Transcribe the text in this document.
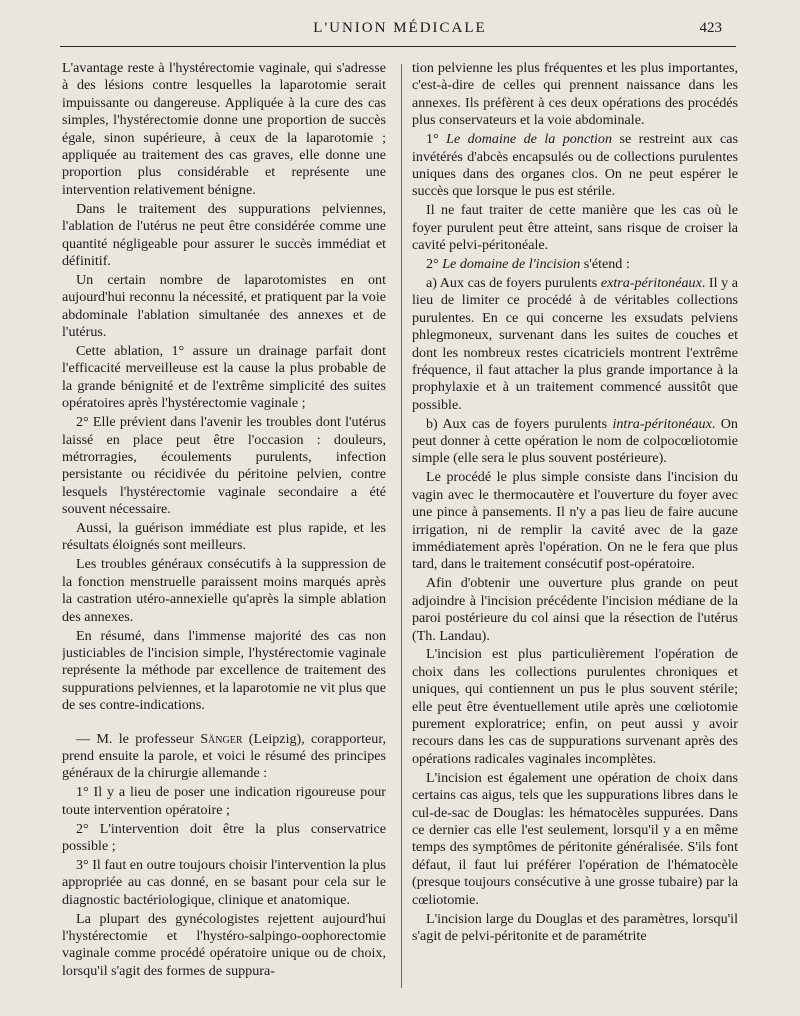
L'UNION MÉDICALE	423

L'avantage reste à l'hystérectomie vaginale, qui s'adresse à des lésions contre lesquelles la laparotomie serait impuissante ou dangereuse. Appliquée à la cure des cas simples, l'hystérectomie donne une proportion de succès égale, sinon supérieure, à ceux de la laparotomie ; appliquée au traitement des cas graves, elle donne une proportion plus considérable et représente une intervention relativement bénigne.

Dans le traitement des suppurations pelviennes, l'ablation de l'utérus ne peut être considérée comme une quantité négligeable pour assurer le succès immédiat et définitif.

Un certain nombre de laparotomistes en ont aujourd'hui reconnu la nécessité, et pratiquent par la voie abdominale l'ablation simultanée des annexes et de l'utérus.

Cette ablation, 1° assure un drainage parfait dont l'efficacité merveilleuse est la cause la plus probable de la grande bénignité et de l'extrême simplicité des suites opératoires après l'hystérectomie vaginale ;

2° Elle prévient dans l'avenir les troubles dont l'utérus laissé en place peut être l'occasion : douleurs, métrorragies, écoulements purulents, infection persistante ou récidivée du péritoine pelvien, contre lesquels l'hystérectomie vaginale secondaire a été souvent nécessaire.

Aussi, la guérison immédiate est plus rapide, et les résultats éloignés sont meilleurs.

Les troubles généraux consécutifs à la suppression de la fonction menstruelle paraissent moins marqués après la castration utéro-annexielle qu'après la simple ablation des annexes.

En résumé, dans l'immense majorité des cas non justiciables de l'incision simple, l'hystérectomie vaginale représente la méthode par excellence de traitement des suppurations pelviennes, et la laparotomie ne vit plus que de ses contre-indications.

— M. le professeur Sänger (Leipzig), corapporteur, prend ensuite la parole, et voici le résumé des principes généraux de la chirurgie allemande :

1° Il y a lieu de poser une indication rigoureuse pour toute intervention opératoire ;

2° L'intervention doit être la plus conservatrice possible ;

3° Il faut en outre toujours choisir l'intervention la plus appropriée au cas donné, en se basant pour cela sur le diagnostic bactériologique, clinique et anatomique.

La plupart des gynécologistes rejettent aujourd'hui l'hystérectomie et l'hystéro-salpingo-oophorectomie vaginale comme procédé opératoire unique ou de choix, lorsqu'il s'agit des formes de suppura-

tion pelvienne les plus fréquentes et les plus importantes, c'est-à-dire de celles qui prennent naissance dans les annexes. Ils préfèrent à ces deux opérations des procédés plus conservateurs et la voie abdominale.

1° Le domaine de la ponction se restreint aux cas invétérés d'abcès encapsulés ou de collections purulentes uniques dans des organes clos. On ne peut espérer le succès que lorsque le pus est stérile.

Il ne faut traiter de cette manière que les cas où le foyer purulent peut être atteint, sans risque de croiser la cavité pelvi-péritonéale.

2° Le domaine de l'incision s'étend :

a) Aux cas de foyers purulents extra-péritonéaux. Il y a lieu de limiter ce procédé à de véritables collections purulentes. En ce qui concerne les exsudats pelviens phlegmoneux, survenant dans les suites de couches et dont les nombreux restes cicatriciels montrent l'extrême fréquence, il faut attacher la plus grande importance à la prophylaxie et à un traitement commencé aussitôt que possible.

b) Aux cas de foyers purulents intra-péritonéaux. On peut donner à cette opération le nom de colpocœliotomie simple (elle sera le plus souvent postérieure).

Le procédé le plus simple consiste dans l'incision du vagin avec le thermocautère et l'ouverture du foyer avec une pince à pansements. Il n'y a pas lieu de faire aucune irrigation, ni de remplir la cavité avec de la gaze immédiatement après l'opération. On ne le fera que plus tard, dans le traitement consécutif post-opératoire.

Afin d'obtenir une ouverture plus grande on peut adjoindre à l'incision précédente l'incision médiane de la paroi postérieure du col ainsi que la résection de l'utérus (Th. Landau).

L'incision est plus particulièrement l'opération de choix dans les collections purulentes chroniques et uniques, qui contiennent un pus le plus souvent stérile; elle peut être éventuellement utile après une cœliotomie purement exploratrice; enfin, on peut aussi y avoir recours dans les cas de suppurations survenant après des opérations radicales vaginales incomplètes.

L'incision est également une opération de choix dans certains cas aigus, tels que les suppurations libres dans le cul-de-sac de Douglas: les hématocèles suppurées. Dans ce dernier cas elle l'est seulement, lorsqu'il y a en même temps des symptômes de péritonite généralisée. S'ils font défaut, il faut lui préférer l'opération de l'hématocèle (presque toujours consécutive à une grosse tubaire) par la cœliotomie.

L'incision large du Douglas et des paramètres, lorsqu'il s'agit de pelvi-péritonite et de paramétrite
